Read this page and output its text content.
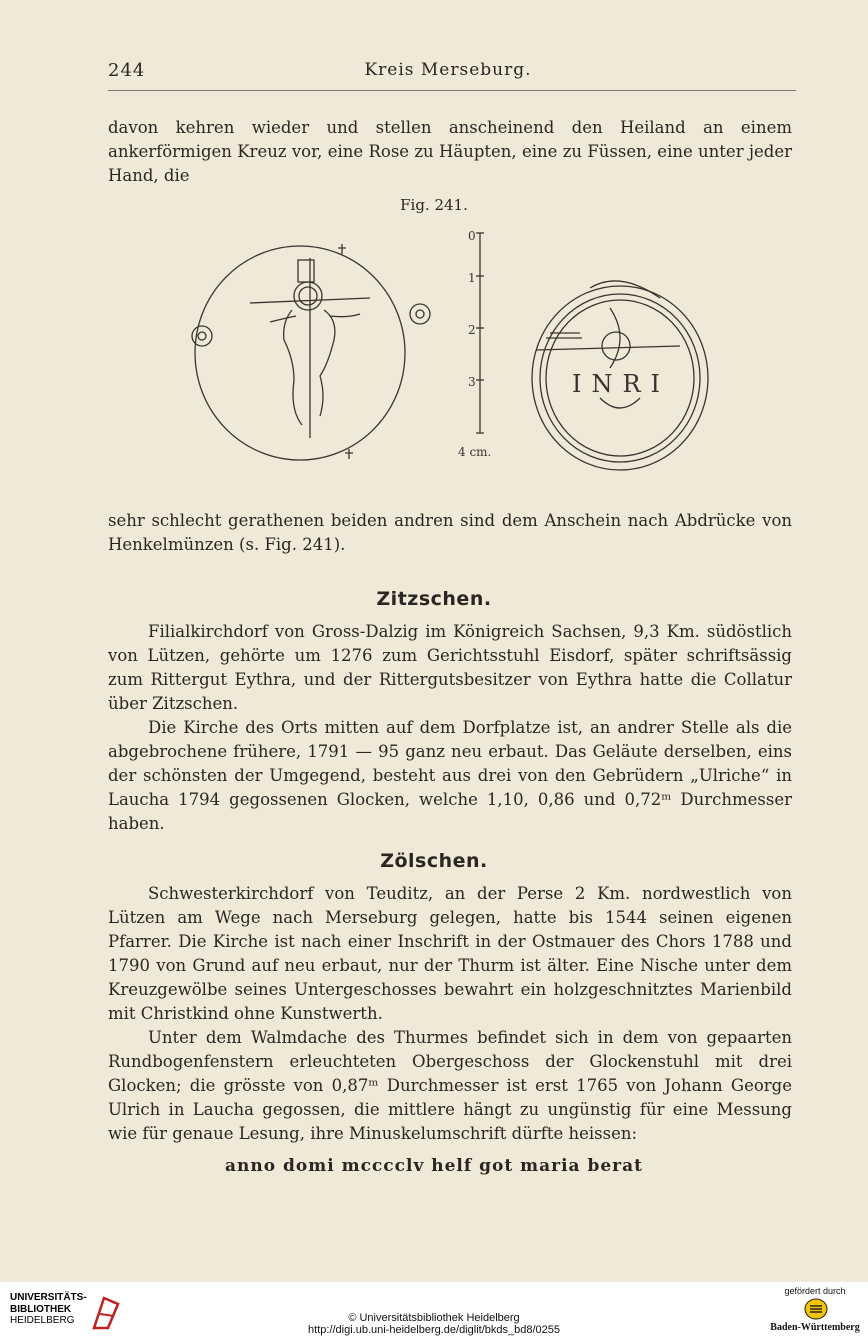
244	Kreis Merseburg.

davon kehren wieder und stellen anscheinend den Heiland an einem ankerförmigen Kreuz vor, eine Rose zu Häupten, eine zu Füssen, eine unter jeder Hand, die

Fig. 241.
0
1
2
3
4 cm.
INRI

sehr schlecht gerathenen beiden andren sind dem Anschein nach Abdrücke von Henkelmünzen (s. Fig. 241).

Zitzschen.

Filialkirchdorf von Gross-Dalzig im Königreich Sachsen, 9,3 Km. südöstlich von Lützen, gehörte um 1276 zum Gerichtsstuhl Eisdorf, später schriftsässig zum Rittergut Eythra, und der Rittergutsbesitzer von Eythra hatte die Collatur über Zitzschen.

Die Kirche des Orts mitten auf dem Dorfplatze ist, an andrer Stelle als die abgebrochene frühere, 1791 — 95 ganz neu erbaut. Das Geläute derselben, eins der schönsten der Umgegend, besteht aus drei von den Gebrüdern „Ulriche“ in Laucha 1794 gegossenen Glocken, welche 1,10, 0,86 und 0,72ᵐ Durchmesser haben.

Zölschen.

Schwesterkirchdorf von Teuditz, an der Perse 2 Km. nordwestlich von Lützen am Wege nach Merseburg gelegen, hatte bis 1544 seinen eigenen Pfarrer. Die Kirche ist nach einer Inschrift in der Ostmauer des Chors 1788 und 1790 von Grund auf neu erbaut, nur der Thurm ist älter. Eine Nische unter dem Kreuzgewölbe seines Untergeschosses bewahrt ein holzgeschnitztes Marienbild mit Christkind ohne Kunstwerth.

Unter dem Walmdache des Thurmes befindet sich in dem von gepaarten Rundbogenfenstern erleuchteten Obergeschoss der Glockenstuhl mit drei Glocken; die grösste von 0,87ᵐ Durchmesser ist erst 1765 von Johann George Ulrich in Laucha gegossen, die mittlere hängt zu ungünstig für eine Messung wie für genaue Lesung, ihre Minuskelumschrift dürfte heissen:

anno domi mcccclv helf got maria berat
UNIVERSITÄTS-
BIBLIOTHEK
HEIDELBERG	© Universitätsbibliothek Heidelberg
http://digi.ub.uni-heidelberg.de/diglit/bkds_bd8/0255
gefördert durch
Baden-Württemberg
